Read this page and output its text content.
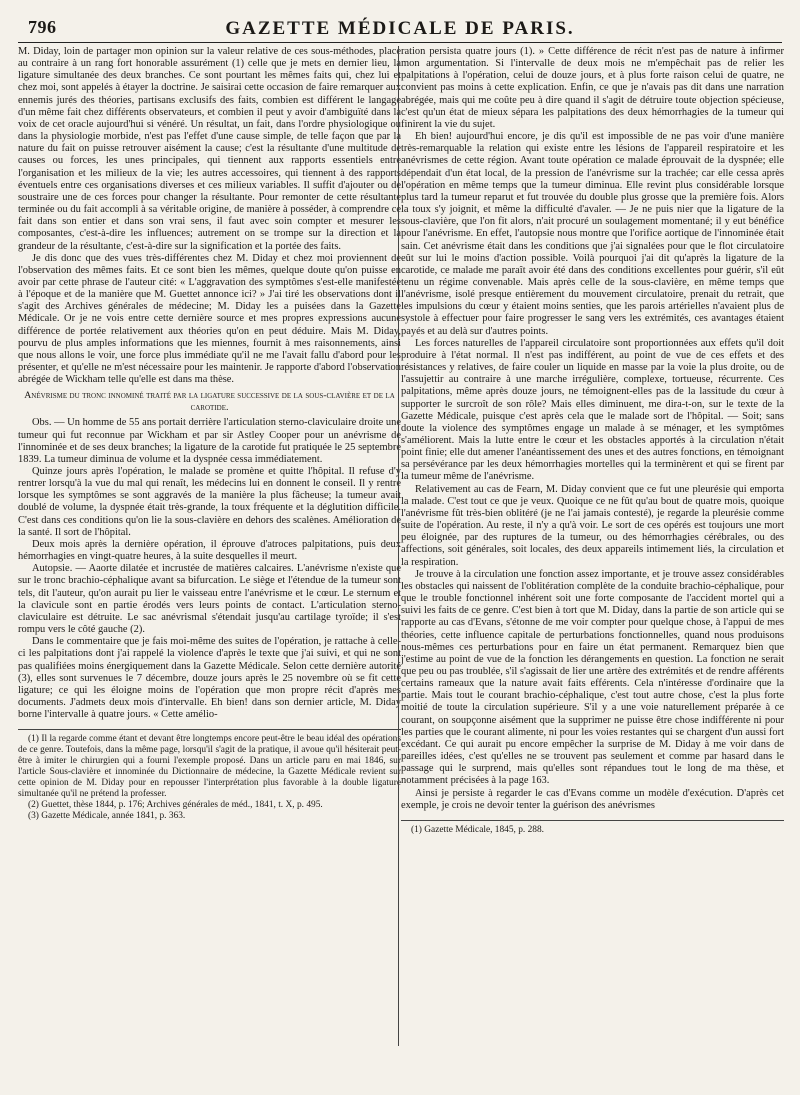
796	GAZETTE MÉDICALE DE PARIS.

M. Diday, loin de partager mon opinion sur la valeur relative de ces sous-méthodes, place au contraire à un rang fort honorable assurément (1) celle que je mets en dernier lieu, la ligature simultanée des deux branches. Ce sont pourtant les mêmes faits qui, chez lui et chez moi, sont appelés à étayer la doctrine. Je saisirai cette occasion de faire remarquer aux ennemis jurés des théories, partisans exclusifs des faits, combien est différent le langage d'un même fait chez différents observateurs, et combien il peut y avoir d'ambiguïté dans la voix de cet oracle aujourd'hui si vénéré. Un résultat, un fait, dans l'ordre physiologique ou dans la physiologie morbide, n'est pas l'effet d'une cause simple, de telle façon que par la nature du fait on puisse retrouver aisément la cause; c'est la résultante d'une multitude de causes ou forces, les unes principales, qui tiennent aux rapports essentiels entre l'organisation et les milieux de la vie; les autres accessoires, qui tiennent à des rapports éventuels entre ces organisations diverses et ces milieux variables. Il suffit d'ajouter ou de soustraire une de ces forces pour changer la résultante. Pour remonter de cette résultante terminée ou du fait accompli à sa véritable origine, de manière à posséder, à comprendre ce fait dans son entier et dans son vrai sens, il faut avec soin compter et mesurer les composantes, c'est-à-dire les influences; autrement on se trompe sur la direction et la grandeur de la résultante, c'est-à-dire sur la signification et la portée des faits.

Je dis donc que des vues très-différentes chez M. Diday et chez moi proviennent de l'observation des mêmes faits. Et ce sont bien les mêmes, quelque doute qu'on puisse en avoir par cette phrase de l'auteur cité: « L'aggravation des symptômes s'est-elle manifestée à l'époque et de la manière que M. Guettet annonce ici? » J'ai tiré les observations dont il s'agit des Archives générales de médecine; M. Diday les a puisées dans la Gazette Médicale. Or je ne vois entre cette dernière source et mes propres expressions aucune différence de portée relativement aux théories qu'on en peut déduire. Mais M. Diday, pourvu de plus amples informations que les miennes, fournit à mes raisonnements, ainsi que nous allons le voir, une force plus immédiate qu'il ne me l'avait fallu d'abord pour les présenter, et qu'elle ne m'est nécessaire pour les maintenir. Je rapporte d'abord l'observation abrégée de Wickham telle qu'elle est dans ma thèse.

Anévrisme du tronc innominé traité par la ligature successive de la sous-clavière et de la carotide.

Obs. — Un homme de 55 ans portait derrière l'articulation sterno-claviculaire droite une tumeur qui fut reconnue par Wickham et par sir Astley Cooper pour un anévrisme de l'innominée et de ses deux branches; la ligature de la carotide fut pratiquée le 25 septembre 1839. La tumeur diminua de volume et la dyspnée cessa immédiatement.

Quinze jours après l'opération, le malade se promène et quitte l'hôpital. Il refuse d'y rentrer lorsqu'à la vue du mal qui renaît, les médecins lui en donnent le conseil. Il y rentre lorsque les symptômes se sont aggravés de la manière la plus fâcheuse; la tumeur avait doublé de volume, la dyspnée était très-grande, la toux fréquente et la déglutition difficile. C'est dans ces conditions qu'on lie la sous-clavière en dehors des scalènes. Amélioration de la santé. Il sort de l'hôpital.

Deux mois après la dernière opération, il éprouve d'atroces palpitations, puis deux hémorrhagies en vingt-quatre heures, à la suite desquelles il meurt.

Autopsie. — Aaorte dilatée et incrustée de matières calcaires. L'anévrisme n'existe que sur le tronc brachio-céphalique avant sa bifurcation. Le siège et l'étendue de la tumeur sont tels, dit l'auteur, qu'on aurait pu lier le vaisseau entre l'anévrisme et le cœur. Le sternum et la clavicule sont en partie érodés vers leurs points de contact. L'articulation sterno-claviculaire est détruite. Le sac anévrismal s'étendait jusqu'au cartilage tyroïde; il s'est rompu vers le côté gauche (2).

Dans le commentaire que je fais moi-même des suites de l'opération, je rattache à celle-ci les palpitations dont j'ai rappelé la violence d'après le texte que j'ai suivi, et qui ne sont pas qualifiées moins énergiquement dans la Gazette Médicale. Selon cette dernière autorité (3), elles sont survenues le 7 décembre, douze jours après le 25 novembre où se fit cette ligature; ce qui les éloigne moins de l'opération que mon propre récit d'après mes documents. J'admets deux mois d'intervalle. Eh bien! dans son dernier article, M. Diday borne l'intervalle à quatre jours. « Cette amélio-

(1) Il la regarde comme étant et devant être longtemps encore peut-être le beau idéal des opérations de ce genre. Toutefois, dans la même page, lorsqu'il s'agit de la pratique, il avoue qu'il hésiterait peut-être à imiter le chirurgien qui a fourni l'exemple proposé. Dans un article paru en mai 1846, sur l'article Sous-clavière et innominée du Dictionnaire de médecine, la Gazette Médicale revient sur cette opinion de M. Diday pour en repousser l'interprétation plus favorable à la double ligature simultanée qu'il ne prétend la professer.

(2) Guettet, thèse 1844, p. 176; Archives générales de méd., 1841, t. X, p. 495.

(3) Gazette Médicale, année 1841, p. 363.

ration persista quatre jours (1). » Cette différence de récit n'est pas de nature à infirmer mon argumentation. Si l'intervalle de deux mois ne m'empêchait pas de relier les palpitations à l'opération, celui de douze jours, et à plus forte raison celui de quatre, ne convient pas moins à cette explication. Enfin, ce que je n'avais pas dit dans une narration abrégée, mais qui me coûte peu à dire quand il s'agit de détruire toute objection spécieuse, c'est qu'un état de mieux sépara les palpitations des deux hémorrhagies de la tumeur qui finirent la vie du sujet.

Eh bien! aujourd'hui encore, je dis qu'il est impossible de ne pas voir d'une manière très-remarquable la relation qui existe entre les lésions de l'appareil respiratoire et les anévrismes de cette région. Avant toute opération ce malade éprouvait de la dyspnée; elle dépendait d'un état local, de la pression de l'anévrisme sur la trachée; car elle cessa après l'opération en même temps que la tumeur diminua. Elle revint plus considérable lorsque plus tard la tumeur reparut et fut trouvée du double plus grosse que la première fois. Alors la toux s'y joignit, et même la difficulté d'avaler. — Je ne puis nier que la ligature de la sous-clavière, que l'on fit alors, n'ait procuré un soulagement momentané; il y eut bénéfice pour l'anévrisme. En effet, l'autopsie nous montre que l'orifice aortique de l'innominée était sain. Cet anévrisme était dans les conditions que j'ai signalées pour que le flot circulatoire eût sur lui le moins d'action possible. Voilà pourquoi j'ai dit qu'après la ligature de la carotide, ce malade me paraît avoir été dans des conditions excellentes pour guérir, s'il eût tenu un régime convenable. Mais après celle de la sous-clavière, en même temps que l'anévrisme, isolé presque entièrement du mouvement circulatoire, prenait du retrait, que les impulsions du cœur y étaient moins senties, que les parois artérielles n'avaient plus de systole à effectuer pour faire progresser le sang vers les extrémités, ces avantages étaient payés et au delà sur d'autres points.

Les forces naturelles de l'appareil circulatoire sont proportionnées aux effets qu'il doit produire à l'état normal. Il n'est pas indifférent, au point de vue de ces effets et des résistances y relatives, de faire couler un liquide en masse par la voie la plus droite, ou de l'assujettir au contraire à une marche irrégulière, complexe, tortueuse, récurrente. Ces palpitations, même après douze jours, ne témoignent-elles pas de la lassitude du cœur à supporter le surcroît de son rôle? Mais elles diminuent, me dira-t-on, sur le texte de la Gazette Médicale, puisque c'est après cela que le malade sort de l'hôpital. — Soit; sans doute la violence des symptômes engage un malade à se ménager, et les symptômes s'améliorent. Mais la lutte entre le cœur et les obstacles apportés à la circulation n'était point finie; elle dut amener l'anéantissement des unes et des autres fonctions, en témoignant sa persévérance par les deux hémorrhagies mortelles qui la terminèrent et qui se firent par la tumeur même de l'anévrisme.

Relativement au cas de Fearn, M. Diday convient que ce fut une pleurésie qui emporta la malade. C'est tout ce que je veux. Quoique ce ne fût qu'au bout de quatre mois, quoique l'anévrisme fût très-bien oblitéré (je ne l'ai jamais contesté), je regarde la pleurésie comme suite de l'opération. Au reste, il n'y a qu'à voir. Le sort de ces opérés est toujours une mort peu éloignée, par des ruptures de la tumeur, ou des hémorrhagies cérébrales, ou des affections, soit générales, soit locales, des deux appareils intimement liés, la circulation et la respiration.

Je trouve à la circulation une fonction assez importante, et je trouve assez considérables les obstacles qui naissent de l'oblitération complète de la conduite brachio-céphalique, pour que le trouble fonctionnel inhérent soit une forte composante de l'accident mortel qui a suivi les faits de ce genre. C'est bien à tort que M. Diday, dans la partie de son article qui se rapporte au cas d'Evans, s'étonne de me voir compter pour quelque chose, à l'appui de mes théories, cette influence capitale de perturbations fonctionnelles, quand nous produisons nous-mêmes ces perturbations pour en faire un état permanent. Remarquez bien que j'estime au point de vue de la fonction les dérangements en question. La fonction ne serait que peu ou pas troublée, s'il s'agissait de lier une artère des extrémités et de rendre afférents certains rameaux que la nature avait faits efférents. Cela n'intéresse d'ordinaire que la partie. Mais tout le courant brachio-céphalique, c'est tout autre chose, c'est la plus forte moitié de toute la circulation supérieure. S'il y a une voie naturellement préparée à ce courant, on soupçonne aisément que la supprimer ne puisse être chose indifférente ni pour les parties que le courant alimente, ni pour les voies restantes qui se chargent d'un aussi fort excédant. Ce qui aurait pu encore empêcher la surprise de M. Diday à me voir dans de pareilles idées, c'est qu'elles ne se trouvent pas seulement et comme par hasard dans le passage qui le surprend, mais qu'elles sont répandues tout le long de ma thèse, et notamment précisées à la page 163.

Ainsi je persiste à regarder le cas d'Evans comme un modèle d'exécution. D'après cet exemple, je crois ne devoir tenter la guérison des anévrismes

(1) Gazette Médicale, 1845, p. 288.
